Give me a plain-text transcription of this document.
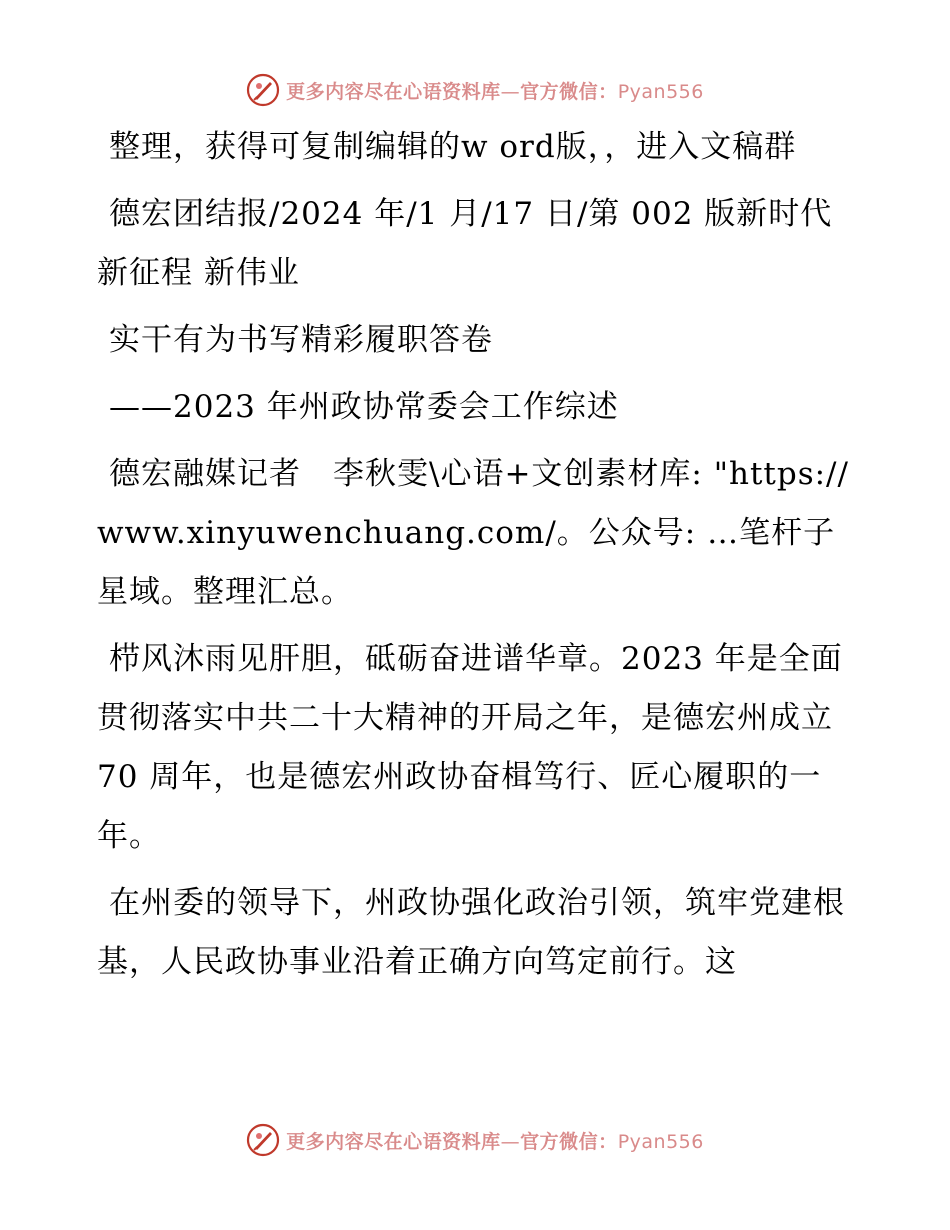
更多内容尽在心语资料库—官方微信：Pyan556

整理，获得可复制编辑的w ord版，，进入文稿群

德宏团结报/2024 年/1 月/17 日/第 002 版新时代 新征程 新伟业

实干有为书写精彩履职答卷

——2023 年州政协常委会工作综述

德宏融媒记者　李秋雯\心语+文创素材库: "https://www.xinyuwenchuang.com/。公众号: …笔杆子星域。整理汇总。

栉风沐雨见肝胆，砥砺奋进谱华章。2023 年是全面贯彻落实中共二十大精神的开局之年，是德宏州成立 70 周年，也是德宏州政协奋楫笃行、匠心履职的一年。

在州委的领导下，州政协强化政治引领，筑牢党建根基，人民政协事业沿着正确方向笃定前行。这

更多内容尽在心语资料库—官方微信：Pyan556
